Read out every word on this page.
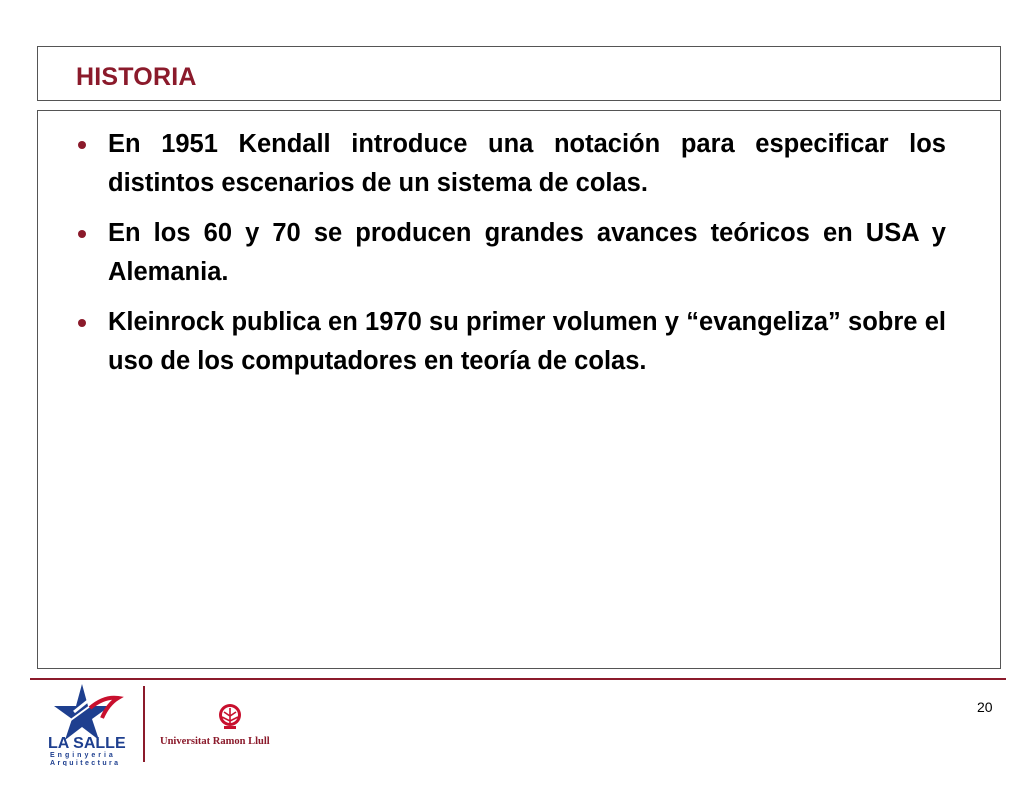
HISTORIA
En 1951 Kendall introduce una notación para especificar los distintos escenarios de un sistema de colas.
En los 60 y 70 se producen grandes avances teóricos en USA y Alemania.
Kleinrock publica en 1970 su primer volumen y “evangeliza” sobre el uso de los computadores en teoría de colas.
LA SALLE
Enginyeria
Arquitectura
Universitat Ramon Llull
20
